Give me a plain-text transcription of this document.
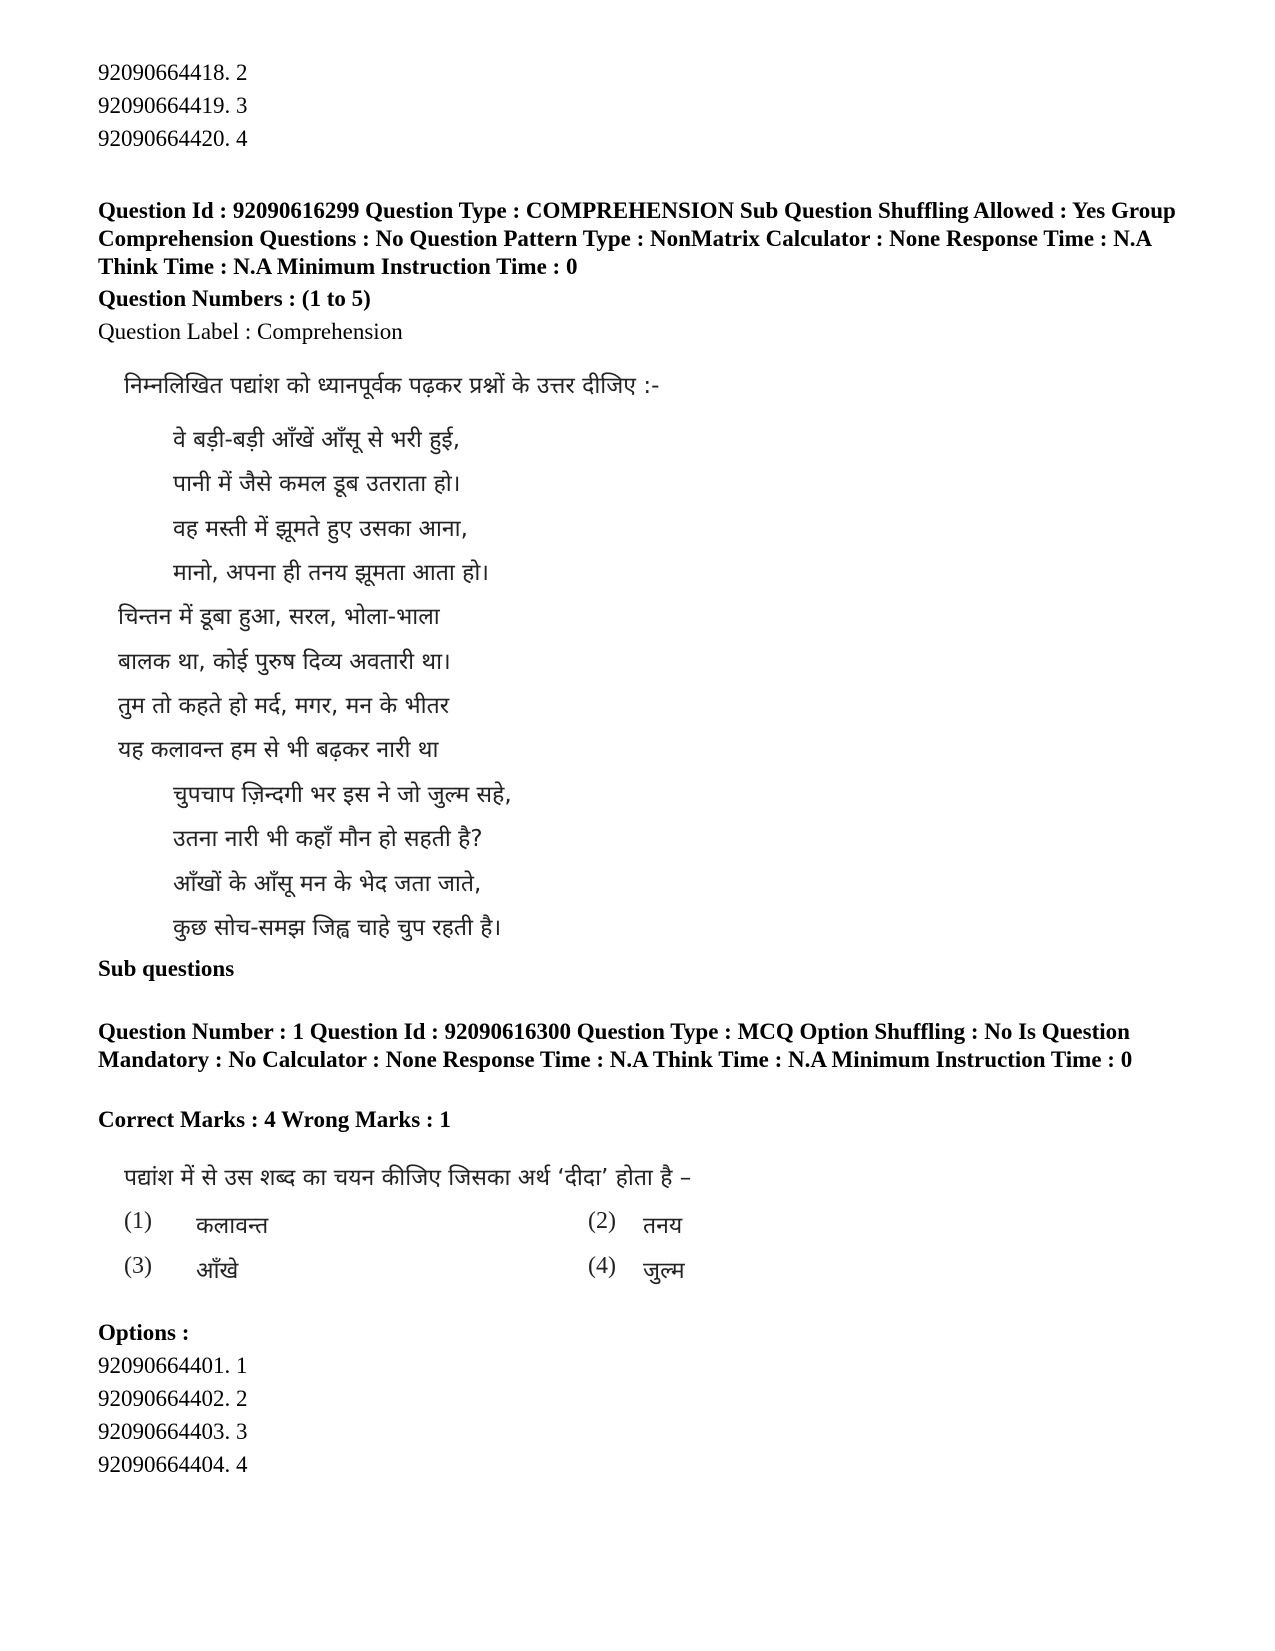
92090664418. 2
92090664419. 3
92090664420. 4
Question Id : 92090616299 Question Type : COMPREHENSION Sub Question Shuffling Allowed : Yes Group Comprehension Questions : No Question Pattern Type : NonMatrix Calculator : None Response Time : N.A Think Time : N.A Minimum Instruction Time : 0
Question Numbers : (1 to 5)
Question Label : Comprehension
निम्नलिखित पद्यांश को ध्यानपूर्वक पढ़कर प्रश्नों के उत्तर दीजिए :-
वे बड़ी-बड़ी आँखें आँसू से भरी हुई,
पानी में जैसे कमल डूब उतराता हो।
वह मस्ती में झूमते हुए उसका आना,
मानो, अपना ही तनय झूमता आता हो।
चिन्तन में डूबा हुआ, सरल, भोला-भाला
बालक था, कोई पुरुष दिव्य अवतारी था।
तुम तो कहते हो मर्द, मगर, मन के भीतर
यह कलावन्त हम से भी बढ़कर नारी था
चुपचाप ज़िन्दगी भर इस ने जो जुल्म सहे,
उतना नारी भी कहाँ मौन हो सहती है?
आँखों के आँसू मन के भेद जता जाते,
कुछ सोच-समझ जिह्व चाहे चुप रहती है।
Sub questions
Question Number : 1 Question Id : 92090616300 Question Type : MCQ Option Shuffling : No Is Question Mandatory : No Calculator : None Response Time : N.A Think Time : N.A Minimum Instruction Time : 0
Correct Marks : 4 Wrong Marks : 1
पद्यांश में से उस शब्द का चयन कीजिए जिसका अर्थ ‘दीदा’ होता है –
(1) कलावन्त	(2) तनय
(3) आँखे	(4) जुल्म
Options :
92090664401. 1
92090664402. 2
92090664403. 3
92090664404. 4
